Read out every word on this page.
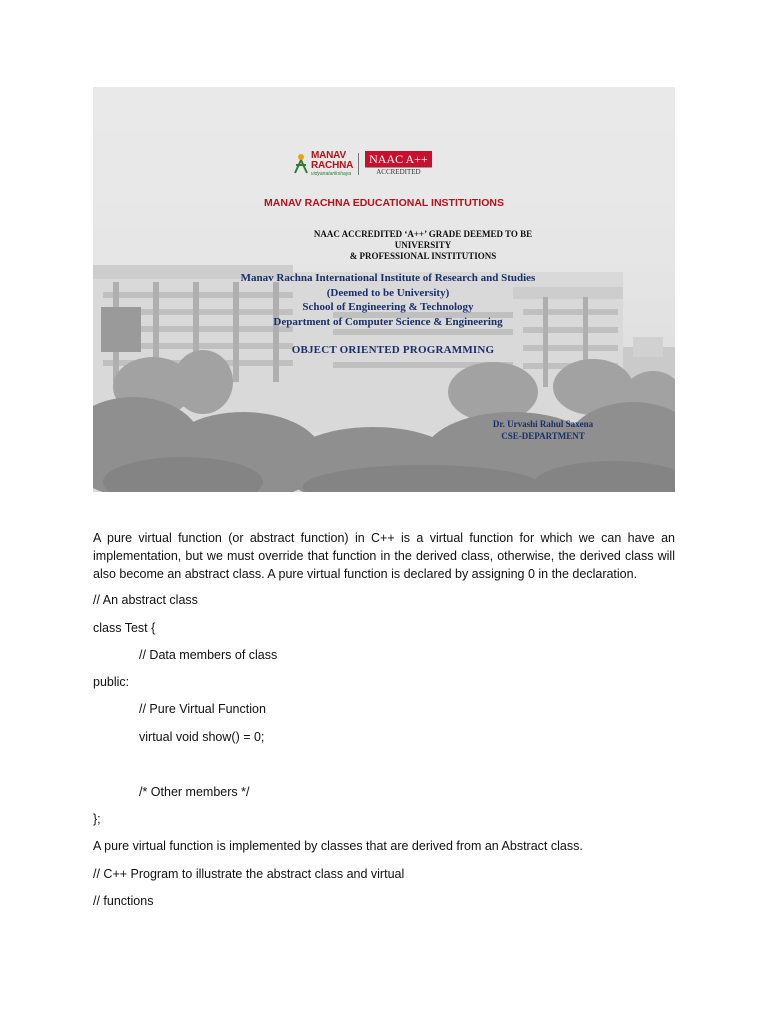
MANAV
RACHNA
vidyanatarikshaya
NAAC A++
ACCREDITED
MANAV RACHNA EDUCATIONAL INSTITUTIONS
NAAC ACCREDITED ‘A++’ GRADE DEEMED TO BE
UNIVERSITY
& PROFESSIONAL INSTITUTIONS
Manav Rachna International Institute of Research and Studies
(Deemed to be University)
School of Engineering & Technology
Department of Computer Science & Engineering
OBJECT ORIENTED PROGRAMMING
Dr. Urvashi Rahul Saxena
CSE-DEPARTMENT
A pure virtual function (or abstract function) in C++ is a virtual function for which we can have an implementation, but we must override that function in the derived class, otherwise, the derived class will also become an abstract class. A pure virtual function is declared by assigning 0 in the declaration.
// An abstract class
class Test {
// Data members of class
public:
// Pure Virtual Function
virtual void show() = 0;
/* Other members */
};
A pure virtual function is implemented by classes that are derived from an Abstract class.
// C++ Program to illustrate the abstract class and virtual
// functions
